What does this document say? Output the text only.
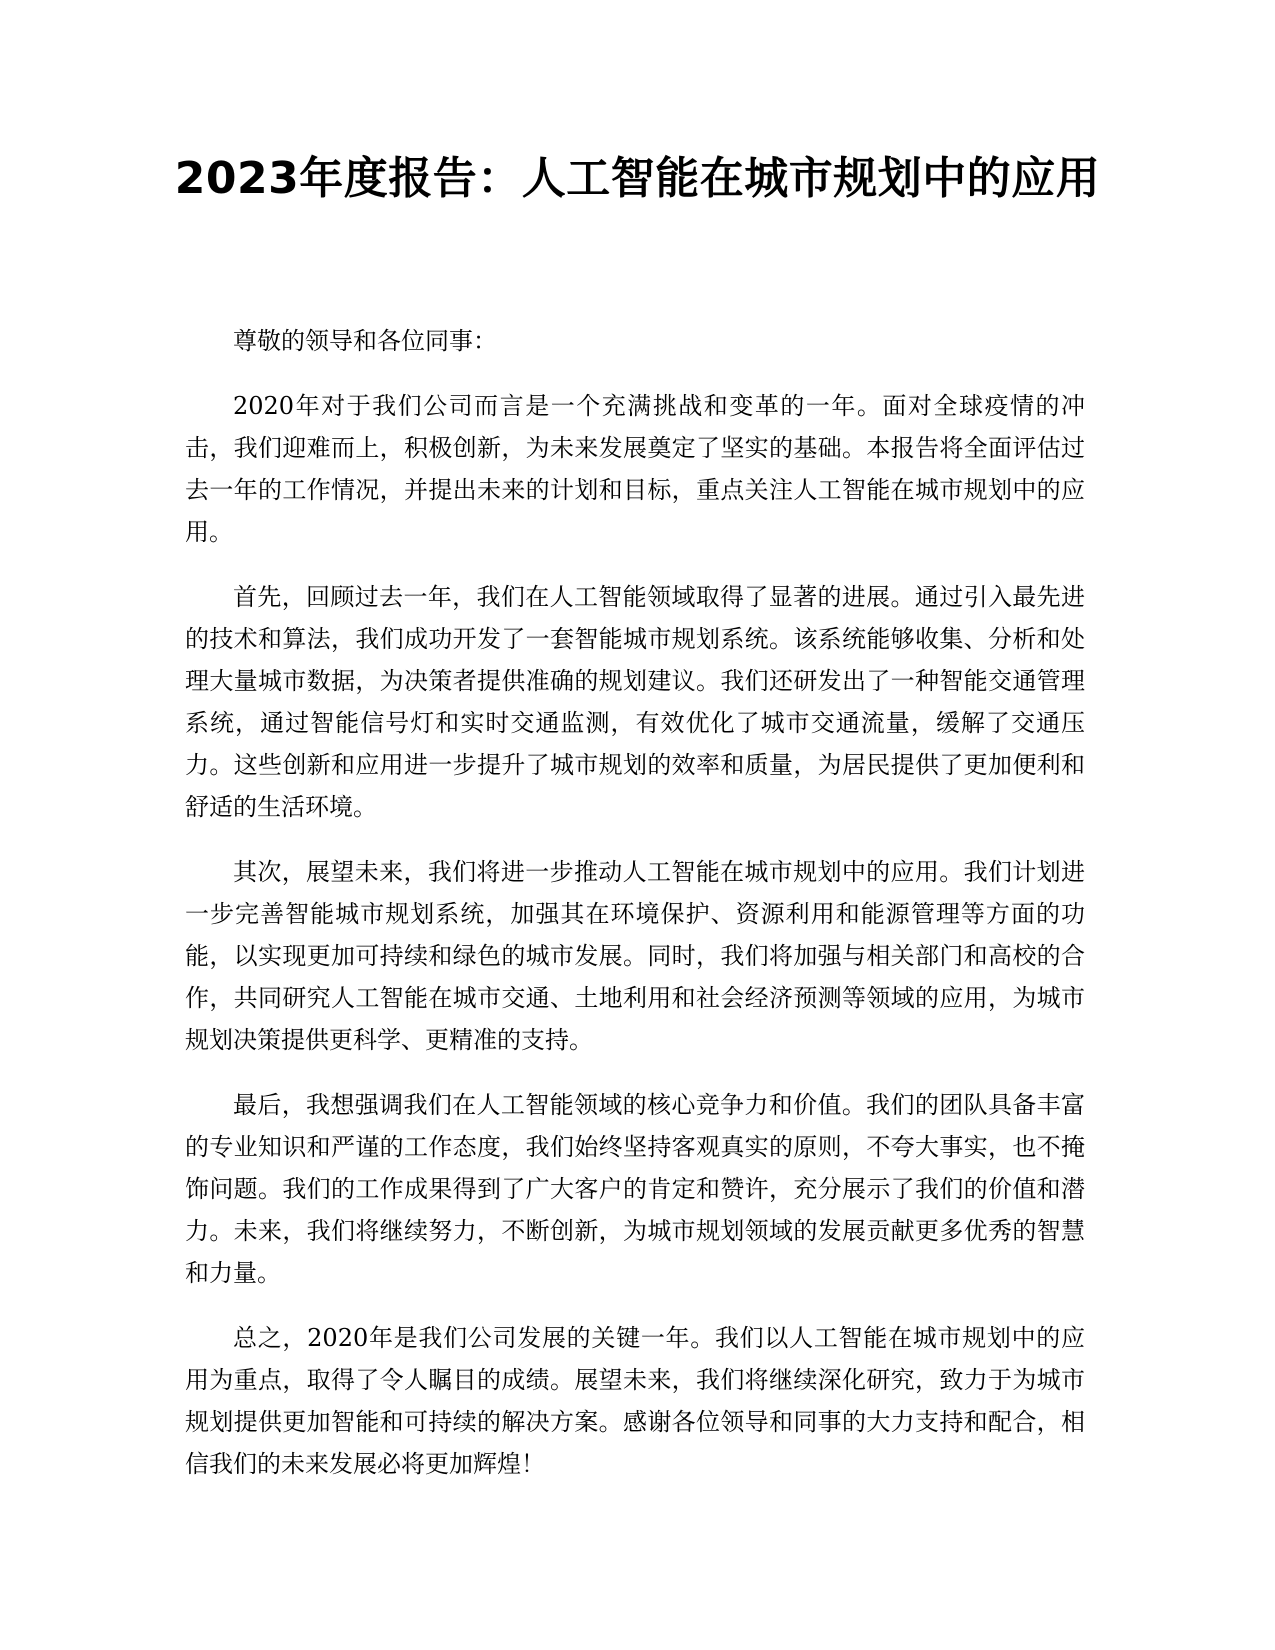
2023年度报告：人工智能在城市规划中的应用

尊敬的领导和各位同事：

2020年对于我们公司而言是一个充满挑战和变革的一年。面对全球疫情的冲击，我们迎难而上，积极创新，为未来发展奠定了坚实的基础。本报告将全面评估过去一年的工作情况，并提出未来的计划和目标，重点关注人工智能在城市规划中的应用。

首先，回顾过去一年，我们在人工智能领域取得了显著的进展。通过引入最先进的技术和算法，我们成功开发了一套智能城市规划系统。该系统能够收集、分析和处理大量城市数据，为决策者提供准确的规划建议。我们还研发出了一种智能交通管理系统，通过智能信号灯和实时交通监测，有效优化了城市交通流量，缓解了交通压力。这些创新和应用进一步提升了城市规划的效率和质量，为居民提供了更加便利和舒适的生活环境。

其次，展望未来，我们将进一步推动人工智能在城市规划中的应用。我们计划进一步完善智能城市规划系统，加强其在环境保护、资源利用和能源管理等方面的功能，以实现更加可持续和绿色的城市发展。同时，我们将加强与相关部门和高校的合作，共同研究人工智能在城市交通、土地利用和社会经济预测等领域的应用，为城市规划决策提供更科学、更精准的支持。

最后，我想强调我们在人工智能领域的核心竞争力和价值。我们的团队具备丰富的专业知识和严谨的工作态度，我们始终坚持客观真实的原则，不夸大事实，也不掩饰问题。我们的工作成果得到了广大客户的肯定和赞许，充分展示了我们的价值和潜力。未来，我们将继续努力，不断创新，为城市规划领域的发展贡献更多优秀的智慧和力量。

总之，2020年是我们公司发展的关键一年。我们以人工智能在城市规划中的应用为重点，取得了令人瞩目的成绩。展望未来，我们将继续深化研究，致力于为城市规划提供更加智能和可持续的解决方案。感谢各位领导和同事的大力支持和配合，相信我们的未来发展必将更加辉煌！
